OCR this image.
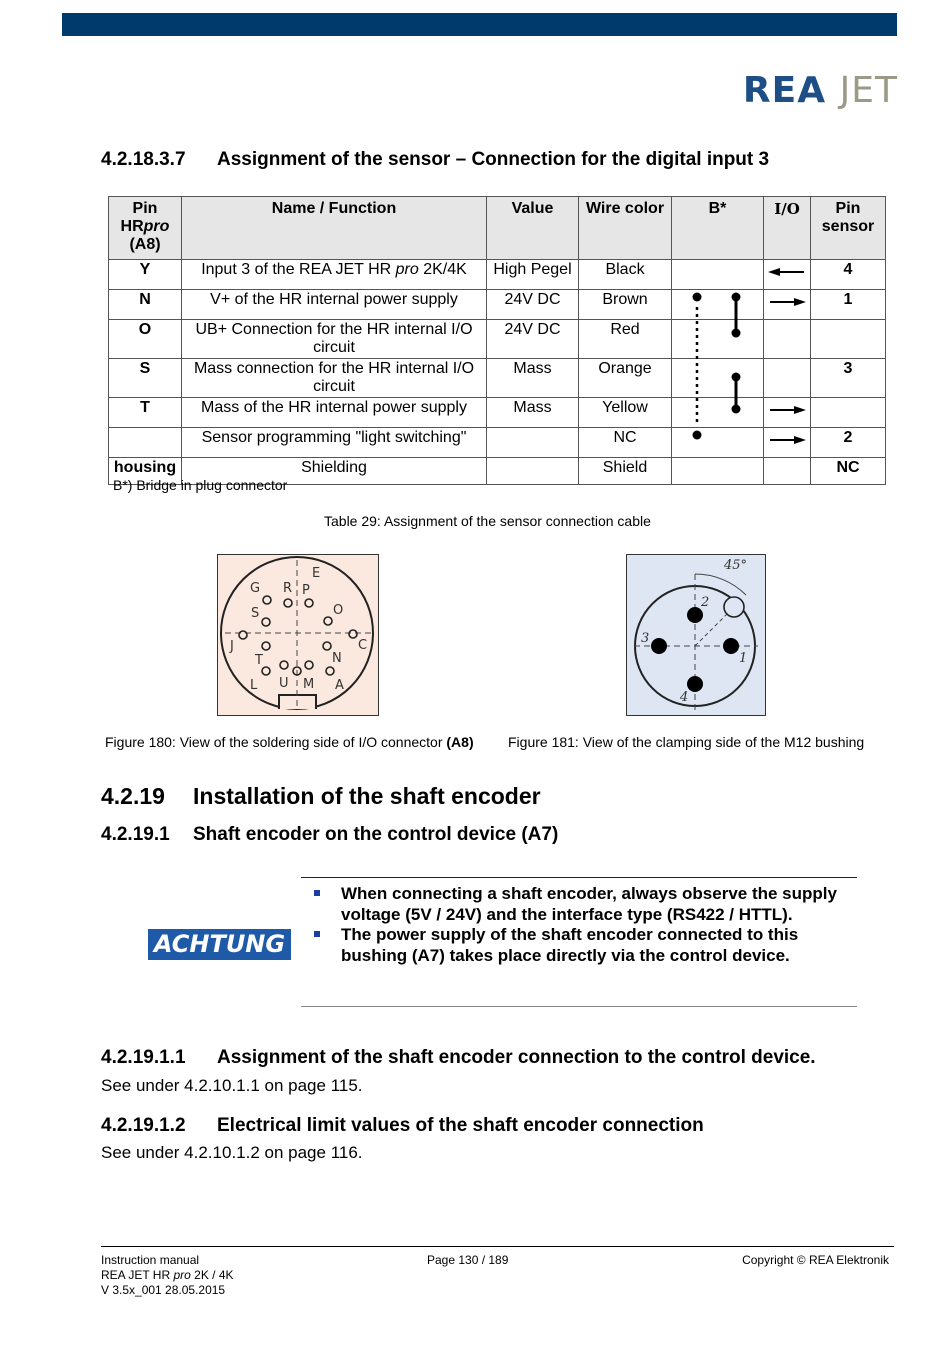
REA JET
4.2.18.3.7 Assignment of the sensor – Connection for the digital input 3
Pin
HRpro
(A8)	Name / Function	Value	Wire color	B*	I/O	Pin sensor
Y	Input 3 of the REA JET HR pro 2K/4K	High Pegel	Black			4
N	V+ of the HR internal power supply	24V DC	Brown			1
O	UB+ Connection for the HR internal I/O circuit	24V DC	Red			
S	Mass connection for the HR internal I/O circuit	Mass	Orange			3
T	Mass of the HR internal power supply	Mass	Yellow			
	Sensor programming "light switching"		NC			2
housing	Shielding		Shield			NC
B*) Bridge in plug connector
Table 29: Assignment of the sensor connection cable
E
G R P
S	O
J	C
T	N
L U M A
45°
1
2
3
4
Figure 180: View of the soldering side of I/O connector (A8) Figure 181: View of the clamping side of the M12 bushing
4.2.19 Installation of the shaft encoder
4.2.19.1 Shaft encoder on the control device (A7)
ACHTUNG
When connecting a shaft encoder, always observe the supply voltage (5V / 24V) and the interface type (RS422 / HTTL).
The power supply of the shaft encoder connected to this bushing (A7) takes place directly via the control device.
4.2.19.1.1 Assignment of the shaft encoder connection to the control device.
See under 4.2.10.1.1 on page 115.
4.2.19.1.2 Electrical limit values of the shaft encoder connection
See under 4.2.10.1.2 on page 116.
Instruction manual
REA JET HR pro 2K / 4K
V 3.5x_001 28.05.2015
Page 130 / 189	Copyright © REA Elektronik
